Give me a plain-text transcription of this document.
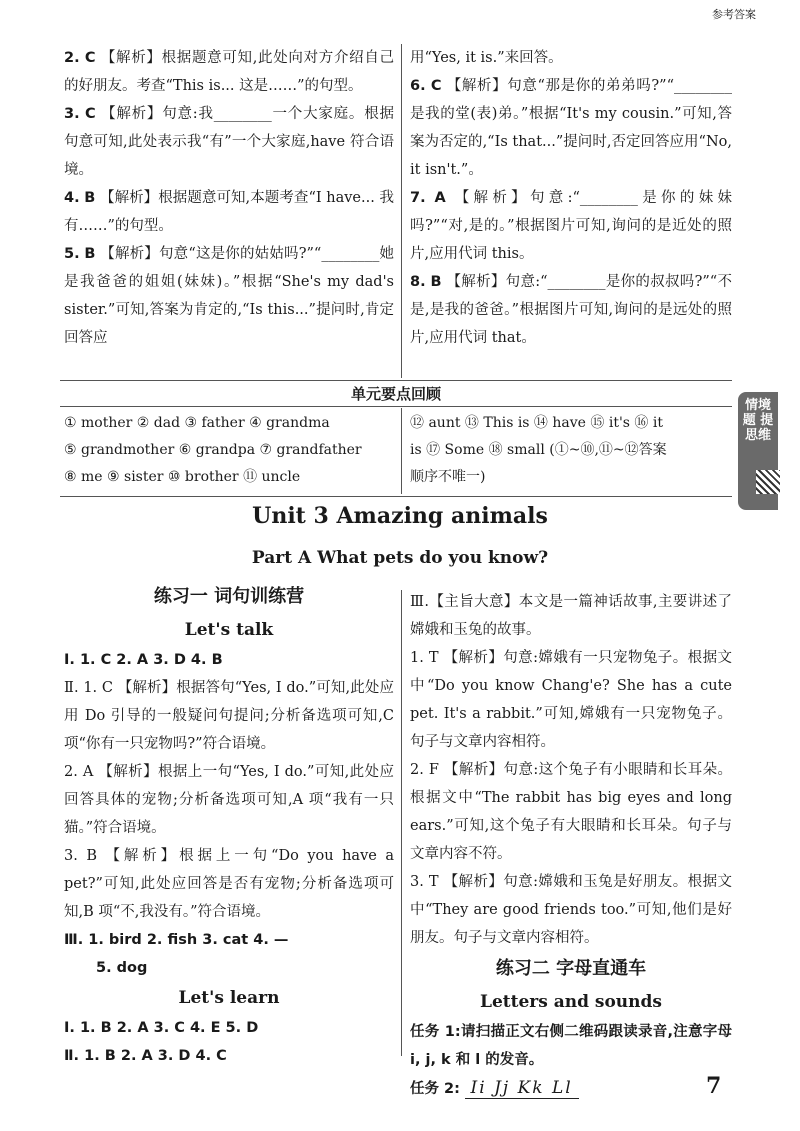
参考答案

2. C 【解析】根据题意可知,此处向对方介绍自己的好朋友。考查“This is... 这是……”的句型。

3. C 【解析】句意:我________一个大家庭。根据句意可知,此处表示我“有”一个大家庭,have 符合语境。

4. B 【解析】根据题意可知,本题考查“I have... 我有……”的句型。

5. B 【解析】句意“这是你的姑姑吗?”“________她是我爸爸的姐姐(妹妹)。”根据“She's my dad's sister.”可知,答案为肯定的,“Is this...”提问时,肯定回答应

用“Yes, it is.”来回答。

6. C 【解析】句意“那是你的弟弟吗?”“________是我的堂(表)弟。”根据“It's my cousin.”可知,答案为否定的,“Is that...”提问时,否定回答应用“No, it isn't.”。

7. A 【解析】句意:“________是你的妹妹吗?”“对,是的。”根据图片可知,询问的是近处的照片,应用代词 this。

8. B 【解析】句意:“________是你的叔叔吗?”“不是,是我的爸爸。”根据图片可知,询问的是远处的照片,应用代词 that。

单元要点回顾
① mother ② dad ③ father ④ grandma
⑤ grandmother ⑥ grandpa ⑦ grandfather
⑧ me ⑨ sister ⑩ brother ⑪ uncle
⑫ aunt ⑬ This is ⑭ have ⑮ it's ⑯ it
is ⑰ Some ⑱ small (①~⑩,⑪~⑫答案
顺序不唯一)
情境题 提思维
Unit 3 Amazing animals
Part A What pets do you know?
练习一 词句训练营
Let's talk

Ⅰ. 1. C 2. A 3. D 4. B

Ⅱ. 1. C 【解析】根据答句“Yes, I do.”可知,此处应用 Do 引导的一般疑问句提问;分析备选项可知,C 项“你有一只宠物吗?”符合语境。

2. A 【解析】根据上一句“Yes, I do.”可知,此处应回答具体的宠物;分析备选项可知,A 项“我有一只猫。”符合语境。

3. B 【解析】根据上一句“Do you have a pet?”可知,此处应回答是否有宠物;分析备选项可知,B 项“不,我没有。”符合语境。

Ⅲ. 1. bird 2. fish 3. cat 4. —

5. dog

Let's learn

Ⅰ. 1. B 2. A 3. C 4. E 5. D

Ⅱ. 1. B 2. A 3. D 4. C

Ⅲ.【主旨大意】本文是一篇神话故事,主要讲述了嫦娥和玉兔的故事。

1. T 【解析】句意:嫦娥有一只宠物兔子。根据文中“Do you know Chang'e? She has a cute pet. It's a rabbit.”可知,嫦娥有一只宠物兔子。句子与文章内容相符。

2. F 【解析】句意:这个兔子有小眼睛和长耳朵。根据文中“The rabbit has big eyes and long ears.”可知,这个兔子有大眼睛和长耳朵。句子与文章内容不符。

3. T 【解析】句意:嫦娥和玉兔是好朋友。根据文中“They are good friends too.”可知,他们是好朋友。句子与文章内容相符。

练习二 字母直通车
Letters and sounds

任务 1:请扫描正文右侧二维码跟读录音,注意字母 i, j, k 和 l 的发音。

任务 2: Ii Jj Kk Ll	7
